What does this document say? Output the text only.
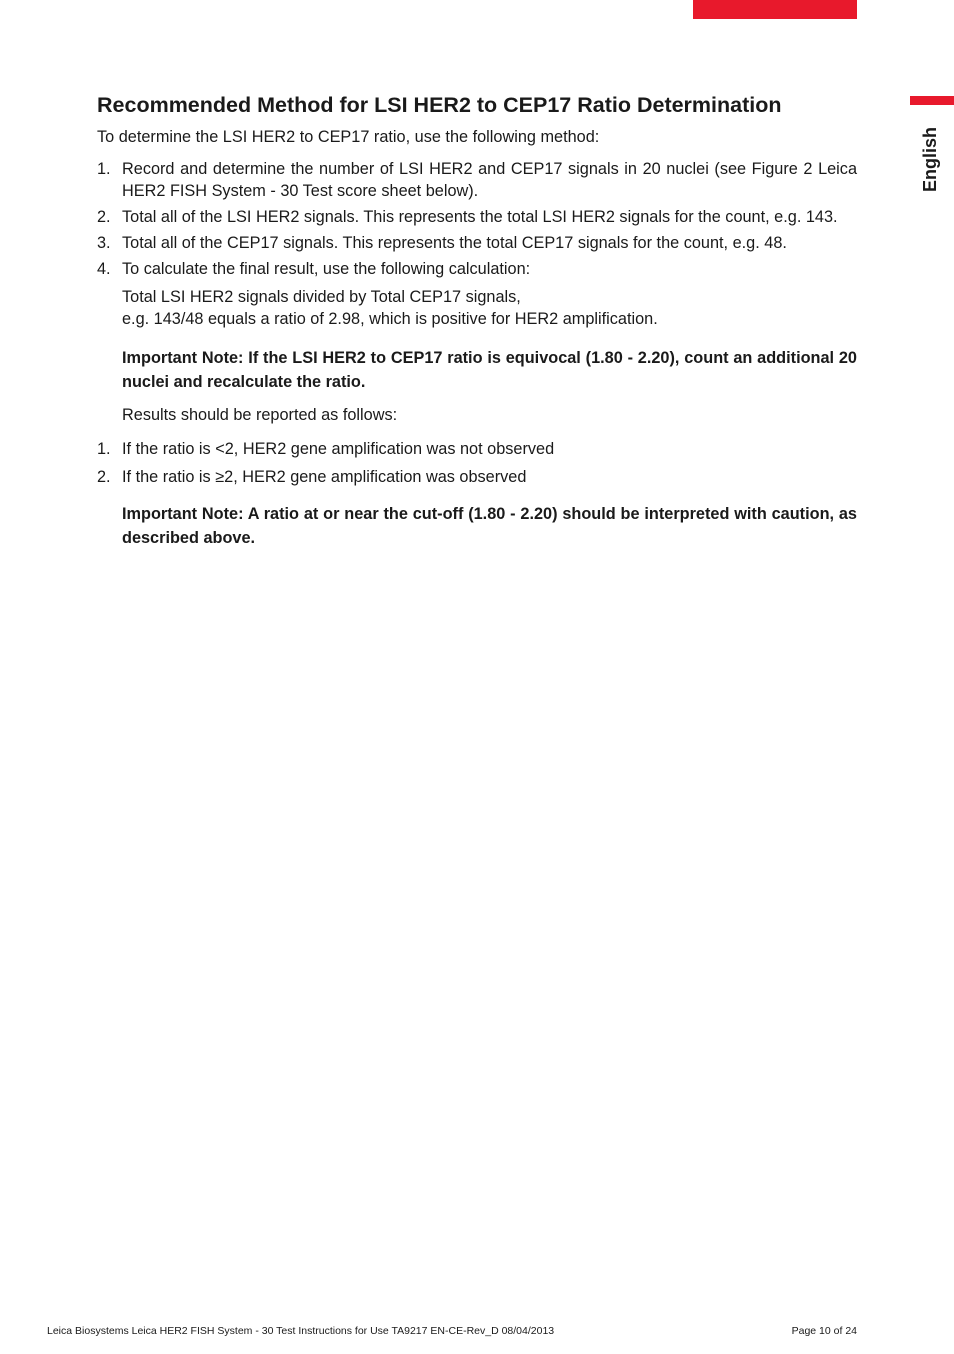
English
Recommended Method for LSI HER2 to CEP17 Ratio Determination

To determine the LSI HER2 to CEP17 ratio, use the following method:

1. Record and determine the number of LSI HER2 and CEP17 signals in 20 nuclei (see Figure 2 Leica HER2 FISH System - 30 Test score sheet below).
2. Total all of the LSI HER2 signals. This represents the total LSI HER2 signals for the count, e.g. 143.
3. Total all of the CEP17 signals. This represents the total CEP17 signals for the count, e.g. 48.
4. To calculate the final result, use the following calculation:

Total LSI HER2 signals divided by Total CEP17 signals,

e.g. 143/48 equals a ratio of 2.98, which is positive for HER2 amplification.

Important Note: If the LSI HER2 to CEP17 ratio is equivocal (1.80 - 2.20), count an additional 20 nuclei and recalculate the ratio.

Results should be reported as follows:

1. If the ratio is <2, HER2 gene amplification was not observed
2. If the ratio is ≥2, HER2 gene amplification was observed

Important Note: A ratio at or near the cut-off (1.80 - 2.20) should be interpreted with caution, as described above.

Leica Biosystems Leica HER2 FISH System - 30 Test Instructions for Use TA9217 EN-CE-Rev_D 08/04/2013	Page 10 of 24
